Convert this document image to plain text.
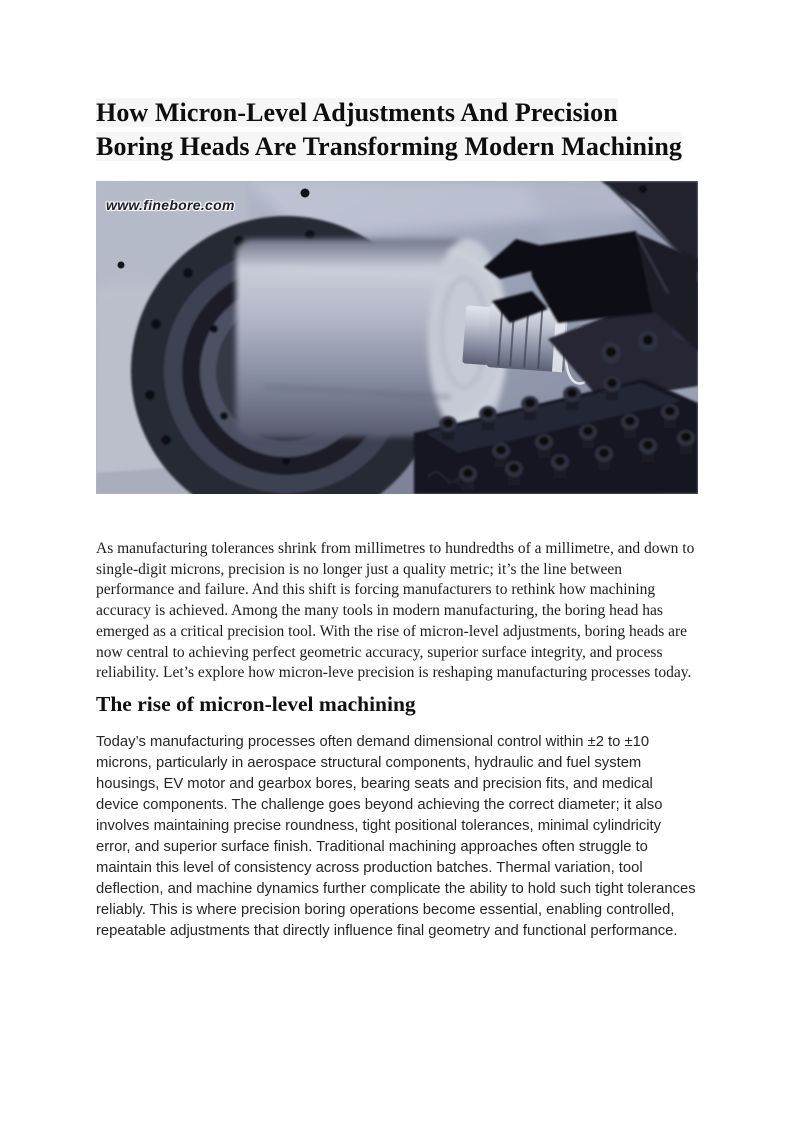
How Micron-Level Adjustments And Precision Boring Heads Are Transforming Modern Machining
www.finebore.com

As manufacturing tolerances shrink from millimetres to hundredths of a millimetre, and down to single-digit microns, precision is no longer just a quality metric; it’s the line between performance and failure. And this shift is forcing manufacturers to rethink how machining accuracy is achieved. Among the many tools in modern manufacturing, the boring head has emerged as a critical precision tool. With the rise of micron-level adjustments, boring heads are now central to achieving perfect geometric accuracy, superior surface integrity, and process reliability. Let’s explore how micron-leve precision is reshaping manufacturing processes today.

The rise of micron-level machining

Today’s manufacturing processes often demand dimensional control within ±2 to ±10 microns, particularly in aerospace structural components, hydraulic and fuel system housings, EV motor and gearbox bores, bearing seats and precision fits, and medical device components. The challenge goes beyond achieving the correct diameter; it also involves maintaining precise roundness, tight positional tolerances, minimal cylindricity error, and superior surface finish. Traditional machining approaches often struggle to maintain this level of consistency across production batches. Thermal variation, tool deflection, and machine dynamics further complicate the ability to hold such tight tolerances reliably. This is where precision boring operations become essential, enabling controlled, repeatable adjustments that directly influence final geometry and functional performance.
